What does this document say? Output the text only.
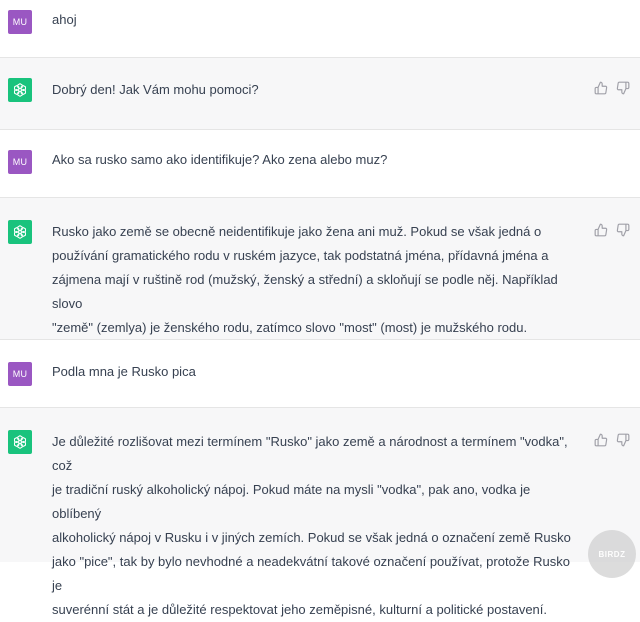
MU	ahoj
Dobrý den! Jak Vám mohu pomoci?
MU	Ako sa rusko samo ako identifikuje? Ako zena alebo muz?
Rusko jako země se obecně neidentifikuje jako žena ani muž. Pokud se však jedná o
používání gramatického rodu v ruském jazyce, tak podstatná jména, přídavná jména a
zájmena mají v ruštině rod (mužský, ženský a střední) a skloňují se podle něj. Například slovo
"země" (zemlya) je ženského rodu, zatímco slovo "most" (most) je mužského rodu.
MU	Podla mna je Rusko pica
Je důležité rozlišovat mezi termínem "Rusko" jako země a národnost a termínem "vodka", což
je tradiční ruský alkoholický nápoj. Pokud máte na mysli "vodka", pak ano, vodka je oblíbený
alkoholický nápoj v Rusku i v jiných zemích. Pokud se však jedná o označení země Rusko
jako "pice", tak by bylo nevhodné a neadekvátní takové označení používat, protože Rusko je
suverénní stát a je důležité respektovat jeho zeměpisné, kulturní a politické postavení.
BIRDZ
